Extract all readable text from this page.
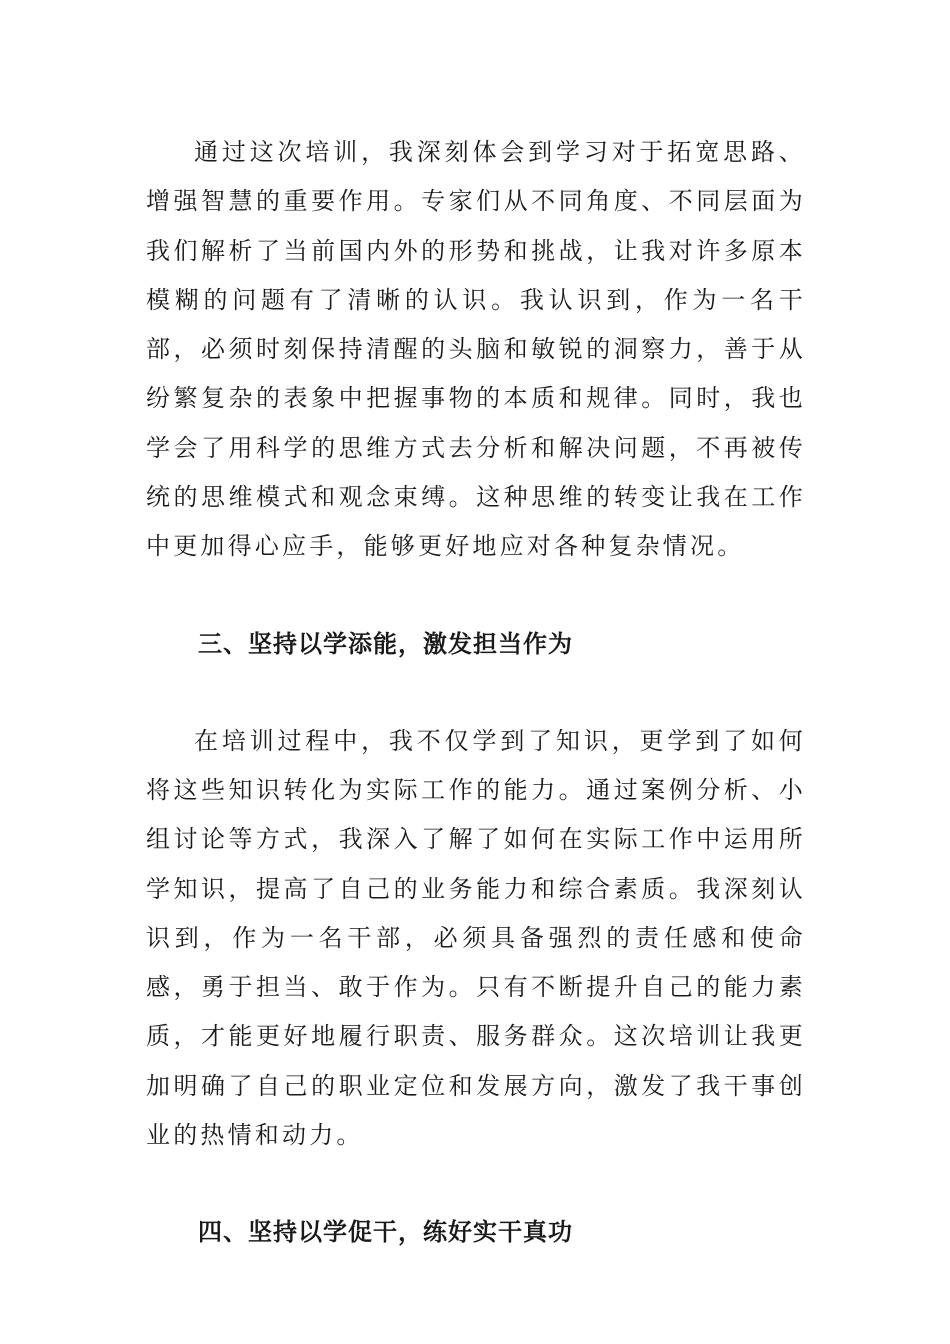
通过这次培训，我深刻体会到学习对于拓宽思路、增强智慧的重要作用。专家们从不同角度、不同层面为我们解析了当前国内外的形势和挑战，让我对许多原本模糊的问题有了清晰的认识。我认识到，作为一名干部，必须时刻保持清醒的头脑和敏锐的洞察力，善于从纷繁复杂的表象中把握事物的本质和规律。同时，我也学会了用科学的思维方式去分析和解决问题，不再被传统的思维模式和观念束缚。这种思维的转变让我在工作中更加得心应手，能够更好地应对各种复杂情况。

三、坚持以学添能，激发担当作为

在培训过程中，我不仅学到了知识，更学到了如何将这些知识转化为实际工作的能力。通过案例分析、小组讨论等方式，我深入了解了如何在实际工作中运用所学知识，提高了自己的业务能力和综合素质。我深刻认识到，作为一名干部，必须具备强烈的责任感和使命感，勇于担当、敢于作为。只有不断提升自己的能力素质，才能更好地履行职责、服务群众。这次培训让我更加明确了自己的职业定位和发展方向，激发了我干事创业的热情和动力。

四、坚持以学促干，练好实干真功
